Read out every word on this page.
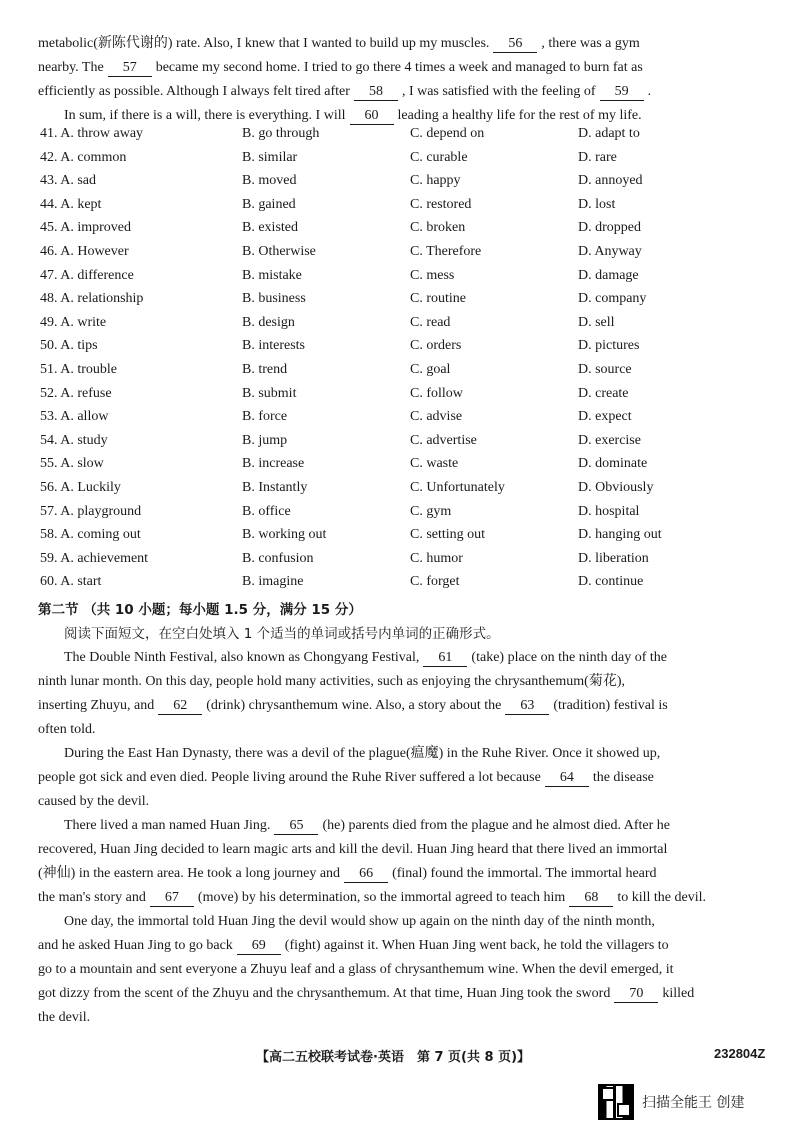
metabolic(新陈代谢的) rate. Also, I knew that I wanted to build up my muscles. 56 , there was a gym
nearby. The 57 became my second home. I tried to go there 4 times a week and managed to burn fat as
efficiently as possible. Although I always felt tired after 58 , I was satisfied with the feeling of 59 .
In sum, if there is a will, there is everything. I will 60 leading a healthy life for the rest of my life.
41. A. throw away	B. go through	C. depend on	D. adapt to
42. A. common	B. similar	C. curable	D. rare
43. A. sad	B. moved	C. happy	D. annoyed
44. A. kept	B. gained	C. restored	D. lost
45. A. improved	B. existed	C. broken	D. dropped
46. A. However	B. Otherwise	C. Therefore	D. Anyway
47. A. difference	B. mistake	C. mess	D. damage
48. A. relationship	B. business	C. routine	D. company
49. A. write	B. design	C. read	D. sell
50. A. tips	B. interests	C. orders	D. pictures
51. A. trouble	B. trend	C. goal	D. source
52. A. refuse	B. submit	C. follow	D. create
53. A. allow	B. force	C. advise	D. expect
54. A. study	B. jump	C. advertise	D. exercise
55. A. slow	B. increase	C. waste	D. dominate
56. A. Luckily	B. Instantly	C. Unfortunately	D. Obviously
57. A. playground	B. office	C. gym	D. hospital
58. A. coming out	B. working out	C. setting out	D. hanging out
59. A. achievement	B. confusion	C. humor	D. liberation
60. A. start	B. imagine	C. forget	D. continue
第二节 （共 10 小题；每小题 1.5 分，满分 15 分）
阅读下面短文，在空白处填入 1 个适当的单词或括号内单词的正确形式。
The Double Ninth Festival, also known as Chongyang Festival, 61 (take) place on the ninth day of the
ninth lunar month. On this day, people hold many activities, such as enjoying the chrysanthemum(菊花),
inserting Zhuyu, and 62 (drink) chrysanthemum wine. Also, a story about the 63 (tradition) festival is
often told.
During the East Han Dynasty, there was a devil of the plague(瘟魔) in the Ruhe River. Once it showed up,
people got sick and even died. People living around the Ruhe River suffered a lot because 64 the disease
caused by the devil.
There lived a man named Huan Jing. 65 (he) parents died from the plague and he almost died. After he
recovered, Huan Jing decided to learn magic arts and kill the devil. Huan Jing heard that there lived an immortal
(神仙) in the eastern area. He took a long journey and 66 (final) found the immortal. The immortal heard
the man's story and 67 (move) by his determination, so the immortal agreed to teach him 68 to kill the devil.
One day, the immortal told Huan Jing the devil would show up again on the ninth day of the ninth month,
and he asked Huan Jing to go back 69 (fight) against it. When Huan Jing went back, he told the villagers to
go to a mountain and sent everyone a Zhuyu leaf and a glass of chrysanthemum wine. When the devil emerged, it
got dizzy from the scent of the Zhuyu and the chrysanthemum. At that time, Huan Jing took the sword 70 killed
the devil.
【高二五校联考试卷·英语　第 7 页(共 8 页)】	232804Z
扫描全能王 创建
